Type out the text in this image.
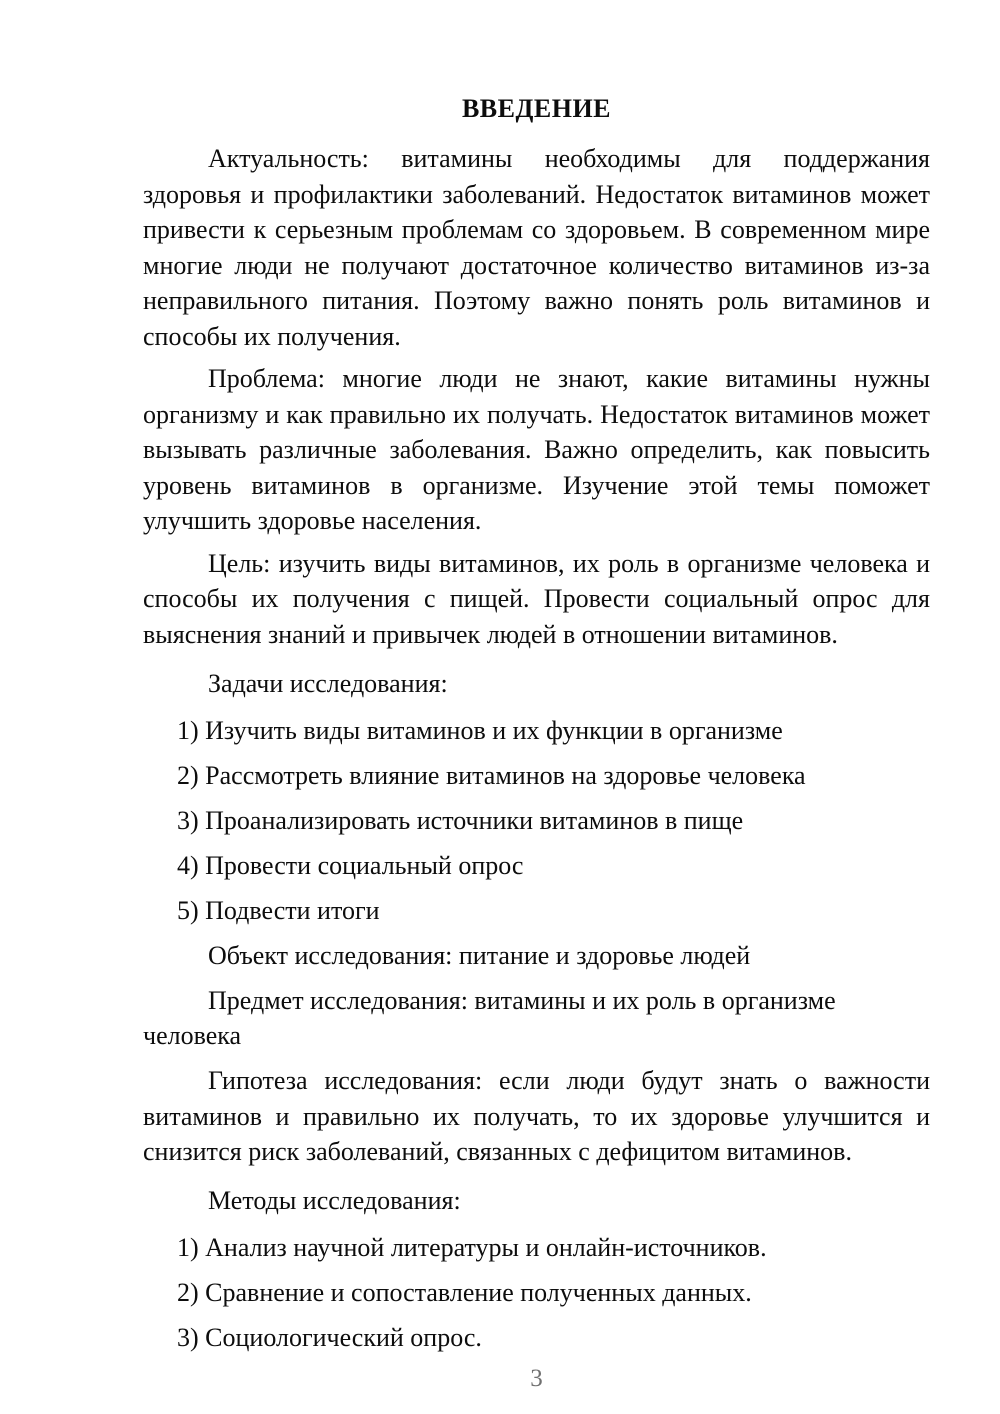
ВВЕДЕНИЕ

Актуальность: витамины необходимы для поддержания здоровья и профилактики заболеваний. Недостаток витаминов может привести к серьезным проблемам со здоровьем. В современном мире многие люди не получают достаточное количество витаминов из-за неправильного питания. Поэтому важно понять роль витаминов и способы их получения.

Проблема: многие люди не знают, какие витамины нужны организму и как правильно их получать. Недостаток витаминов может вызывать различные заболевания. Важно определить, как повысить уровень витаминов в организме. Изучение этой темы поможет улучшить здоровье населения.

Цель: изучить виды витаминов, их роль в организме человека и способы их получения с пищей. Провести социальный опрос для выяснения знаний и привычек людей в отношении витаминов.

Задачи исследования:

1) Изучить виды витаминов и их функции в организме

2) Рассмотреть влияние витаминов на здоровье человека

3) Проанализировать источники витаминов в пище

4) Провести социальный опрос

5) Подвести итоги

Объект исследования: питание и здоровье людей

Предмет исследования: витамины и их роль в организме человека

Гипотеза исследования: если люди будут знать о важности витаминов и правильно их получать, то их здоровье улучшится и снизится риск заболеваний, связанных с дефицитом витаминов.

Методы исследования:

1) Анализ научной литературы и онлайн-источников.

2) Сравнение и сопоставление полученных данных.

3) Социологический опрос.

3
